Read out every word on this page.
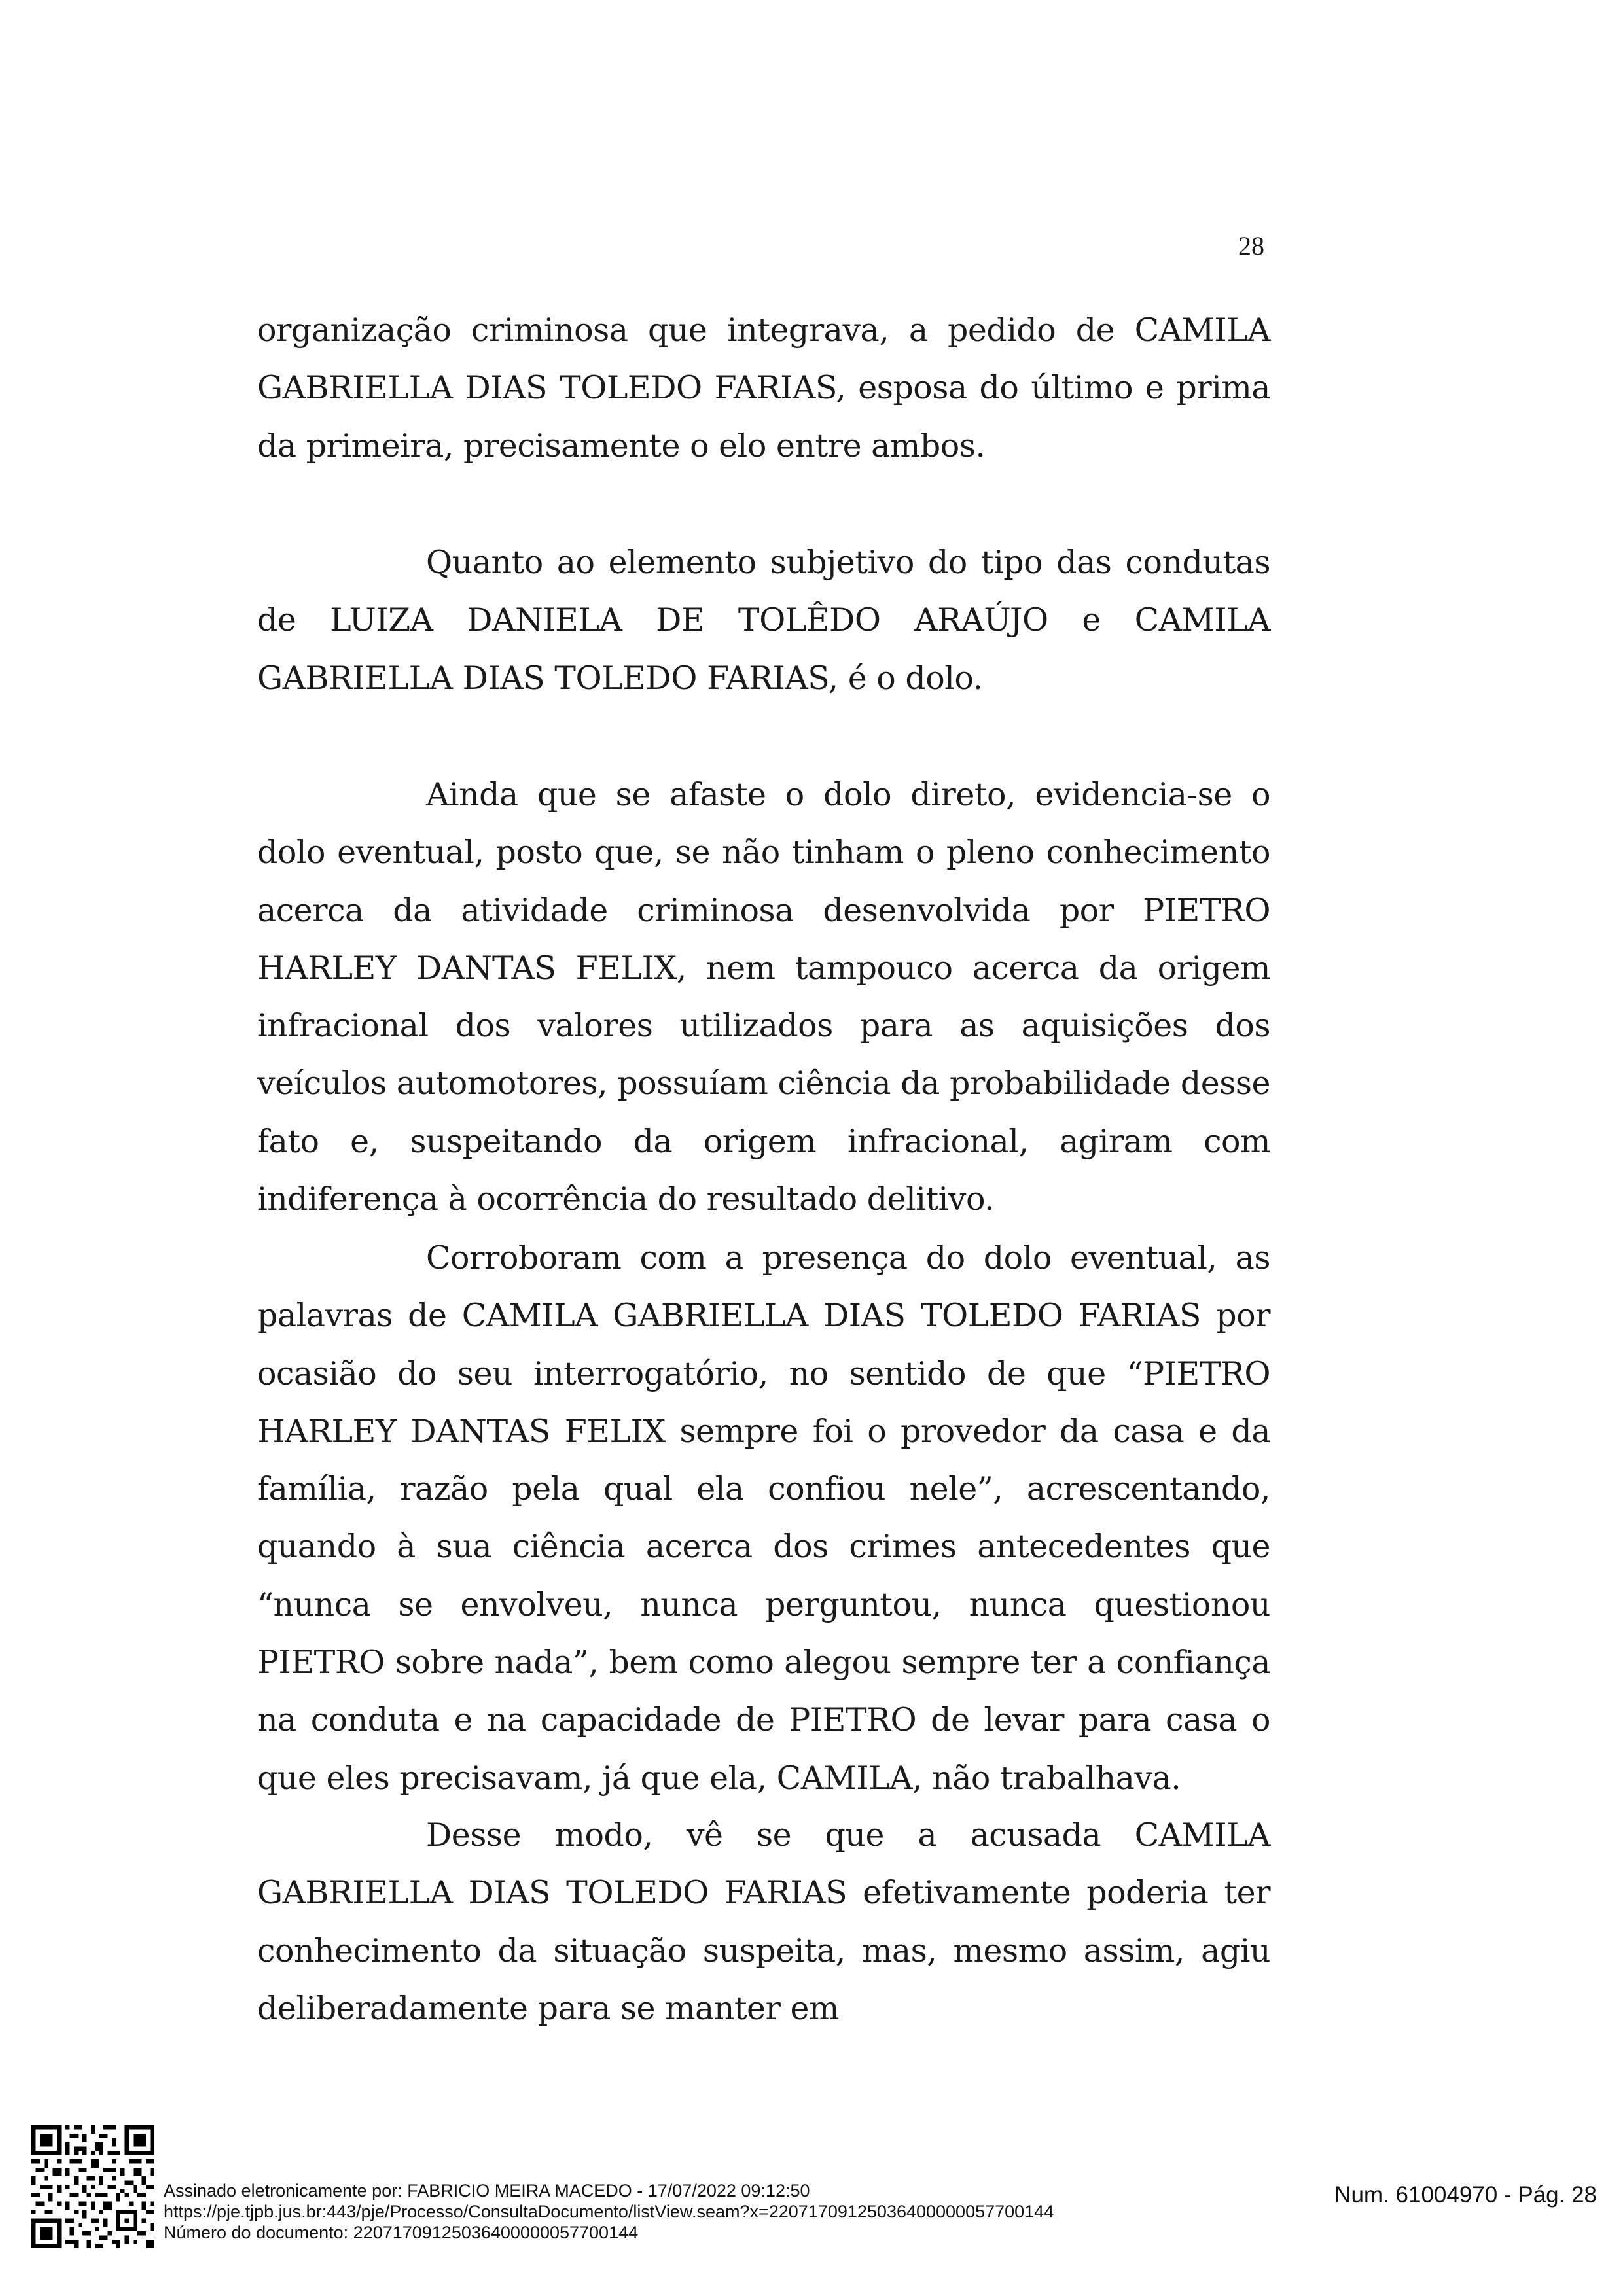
28

organização criminosa que integrava, a pedido de CAMILA GABRIELLA DIAS TOLEDO FARIAS, esposa do último e prima da primeira, precisamente o elo entre ambos.

Quanto ao elemento subjetivo do tipo das condutas de LUIZA DANIELA DE TOLÊDO ARAÚJO e CAMILA GABRIELLA DIAS TOLEDO FARIAS, é o dolo.

Ainda que se afaste o dolo direto, evidencia-se o dolo eventual, posto que, se não tinham o pleno conhecimento acerca da atividade criminosa desenvolvida por PIETRO HARLEY DANTAS FELIX, nem tampouco acerca da origem infracional dos valores utilizados para as aquisições dos veículos automotores, possuíam ciência da probabilidade desse fato e, suspeitando da origem infracional, agiram com indiferença à ocorrência do resultado delitivo.

Corroboram com a presença do dolo eventual, as palavras de CAMILA GABRIELLA DIAS TOLEDO FARIAS por ocasião do seu interrogatório, no sentido de que “PIETRO HARLEY DANTAS FELIX sempre foi o provedor da casa e da família, razão pela qual ela confiou nele”, acrescentando, quando à sua ciência acerca dos crimes antecedentes que “nunca se envolveu, nunca perguntou, nunca questionou PIETRO sobre nada”, bem como alegou sempre ter a confiança na conduta e na capacidade de PIETRO de levar para casa o que eles precisavam, já que ela, CAMILA, não trabalhava.

Desse modo, vê se que a acusada CAMILA GABRIELLA DIAS TOLEDO FARIAS efetivamente poderia ter conhecimento da situação suspeita, mas, mesmo assim, agiu deliberadamente para se manter em

Assinado eletronicamente por: FABRICIO MEIRA MACEDO - 17/07/2022 09:12:50
https://pje.tjpb.jus.br:443/pje/Processo/ConsultaDocumento/listView.seam?x=22071709125036400000057700144
Número do documento: 22071709125036400000057700144
Num. 61004970 - Pág. 28
